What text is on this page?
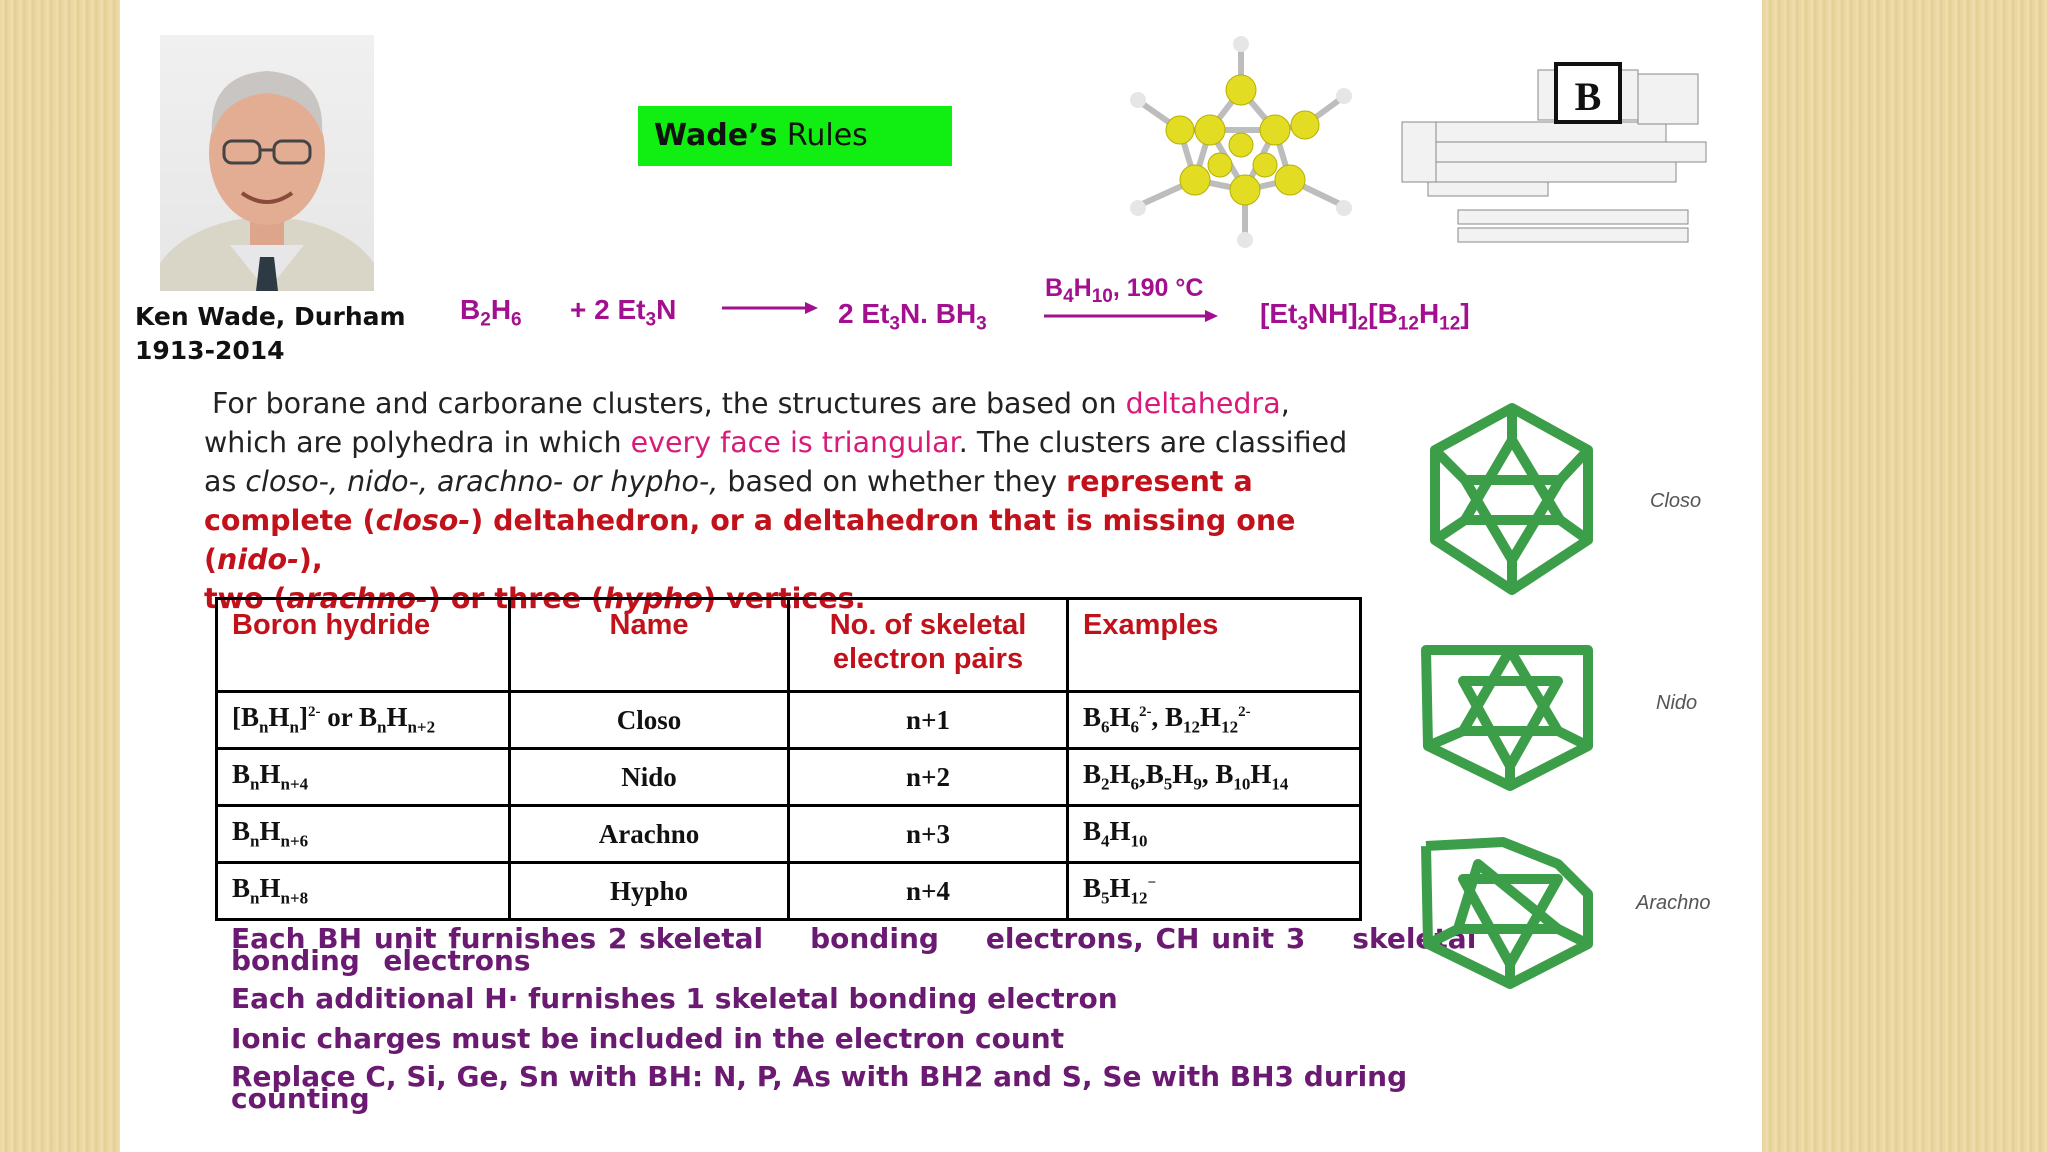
Ken Wade, Durham
1913-2014
Wade’s Rules
B
$B_2H_6 + 2$ $Et_3N$	2 $Et_3N$. $BH_3$
$B_4H_{10}$, 190 °C
$[Et_3NH]_2[B_{12}H_{12}]$
For borane and carborane clusters, the structures are based on deltahedra,
which are polyhedra in which every face is triangular. The clusters are classified
as closo-, nido-, arachno- or hypho-, based on whether they represent a
complete (closo-) deltahedron, or a deltahedron that is missing one (nido-),
two (arachno-) or three (hypho) vertices.
Boron hydride	Name	No. of skeletal electron pairs	Examples
$[B_nH_n]^{2-}$ or $B_nH_{n+2}$	Closo	n+1	$B_6H_6^{2-}$, $B_{12}H_{12}^{2-}$
$B_nH_{n+4}$	Nido	n+2	$B_2H_6,B_5H_9$, $B_{10}H_{14}$
$B_nH_{n+6}$	Arachno	n+3	$B_4H_{10}$
$B_nH_{n+8}$	Hypho	n+4	$B_5H_{12}^-$
Each BH unit furnishes 2 skeletal    bonding    electrons, CH unit 3    skeletal bonding  electrons
Each additional H· furnishes 1 skeletal bonding electron
Ionic charges must be included in the electron count
Replace C, Si, Ge, Sn with BH: N, P, As with BH2 and S, Se with BH3 during counting
Closo
Nido
Arachno
